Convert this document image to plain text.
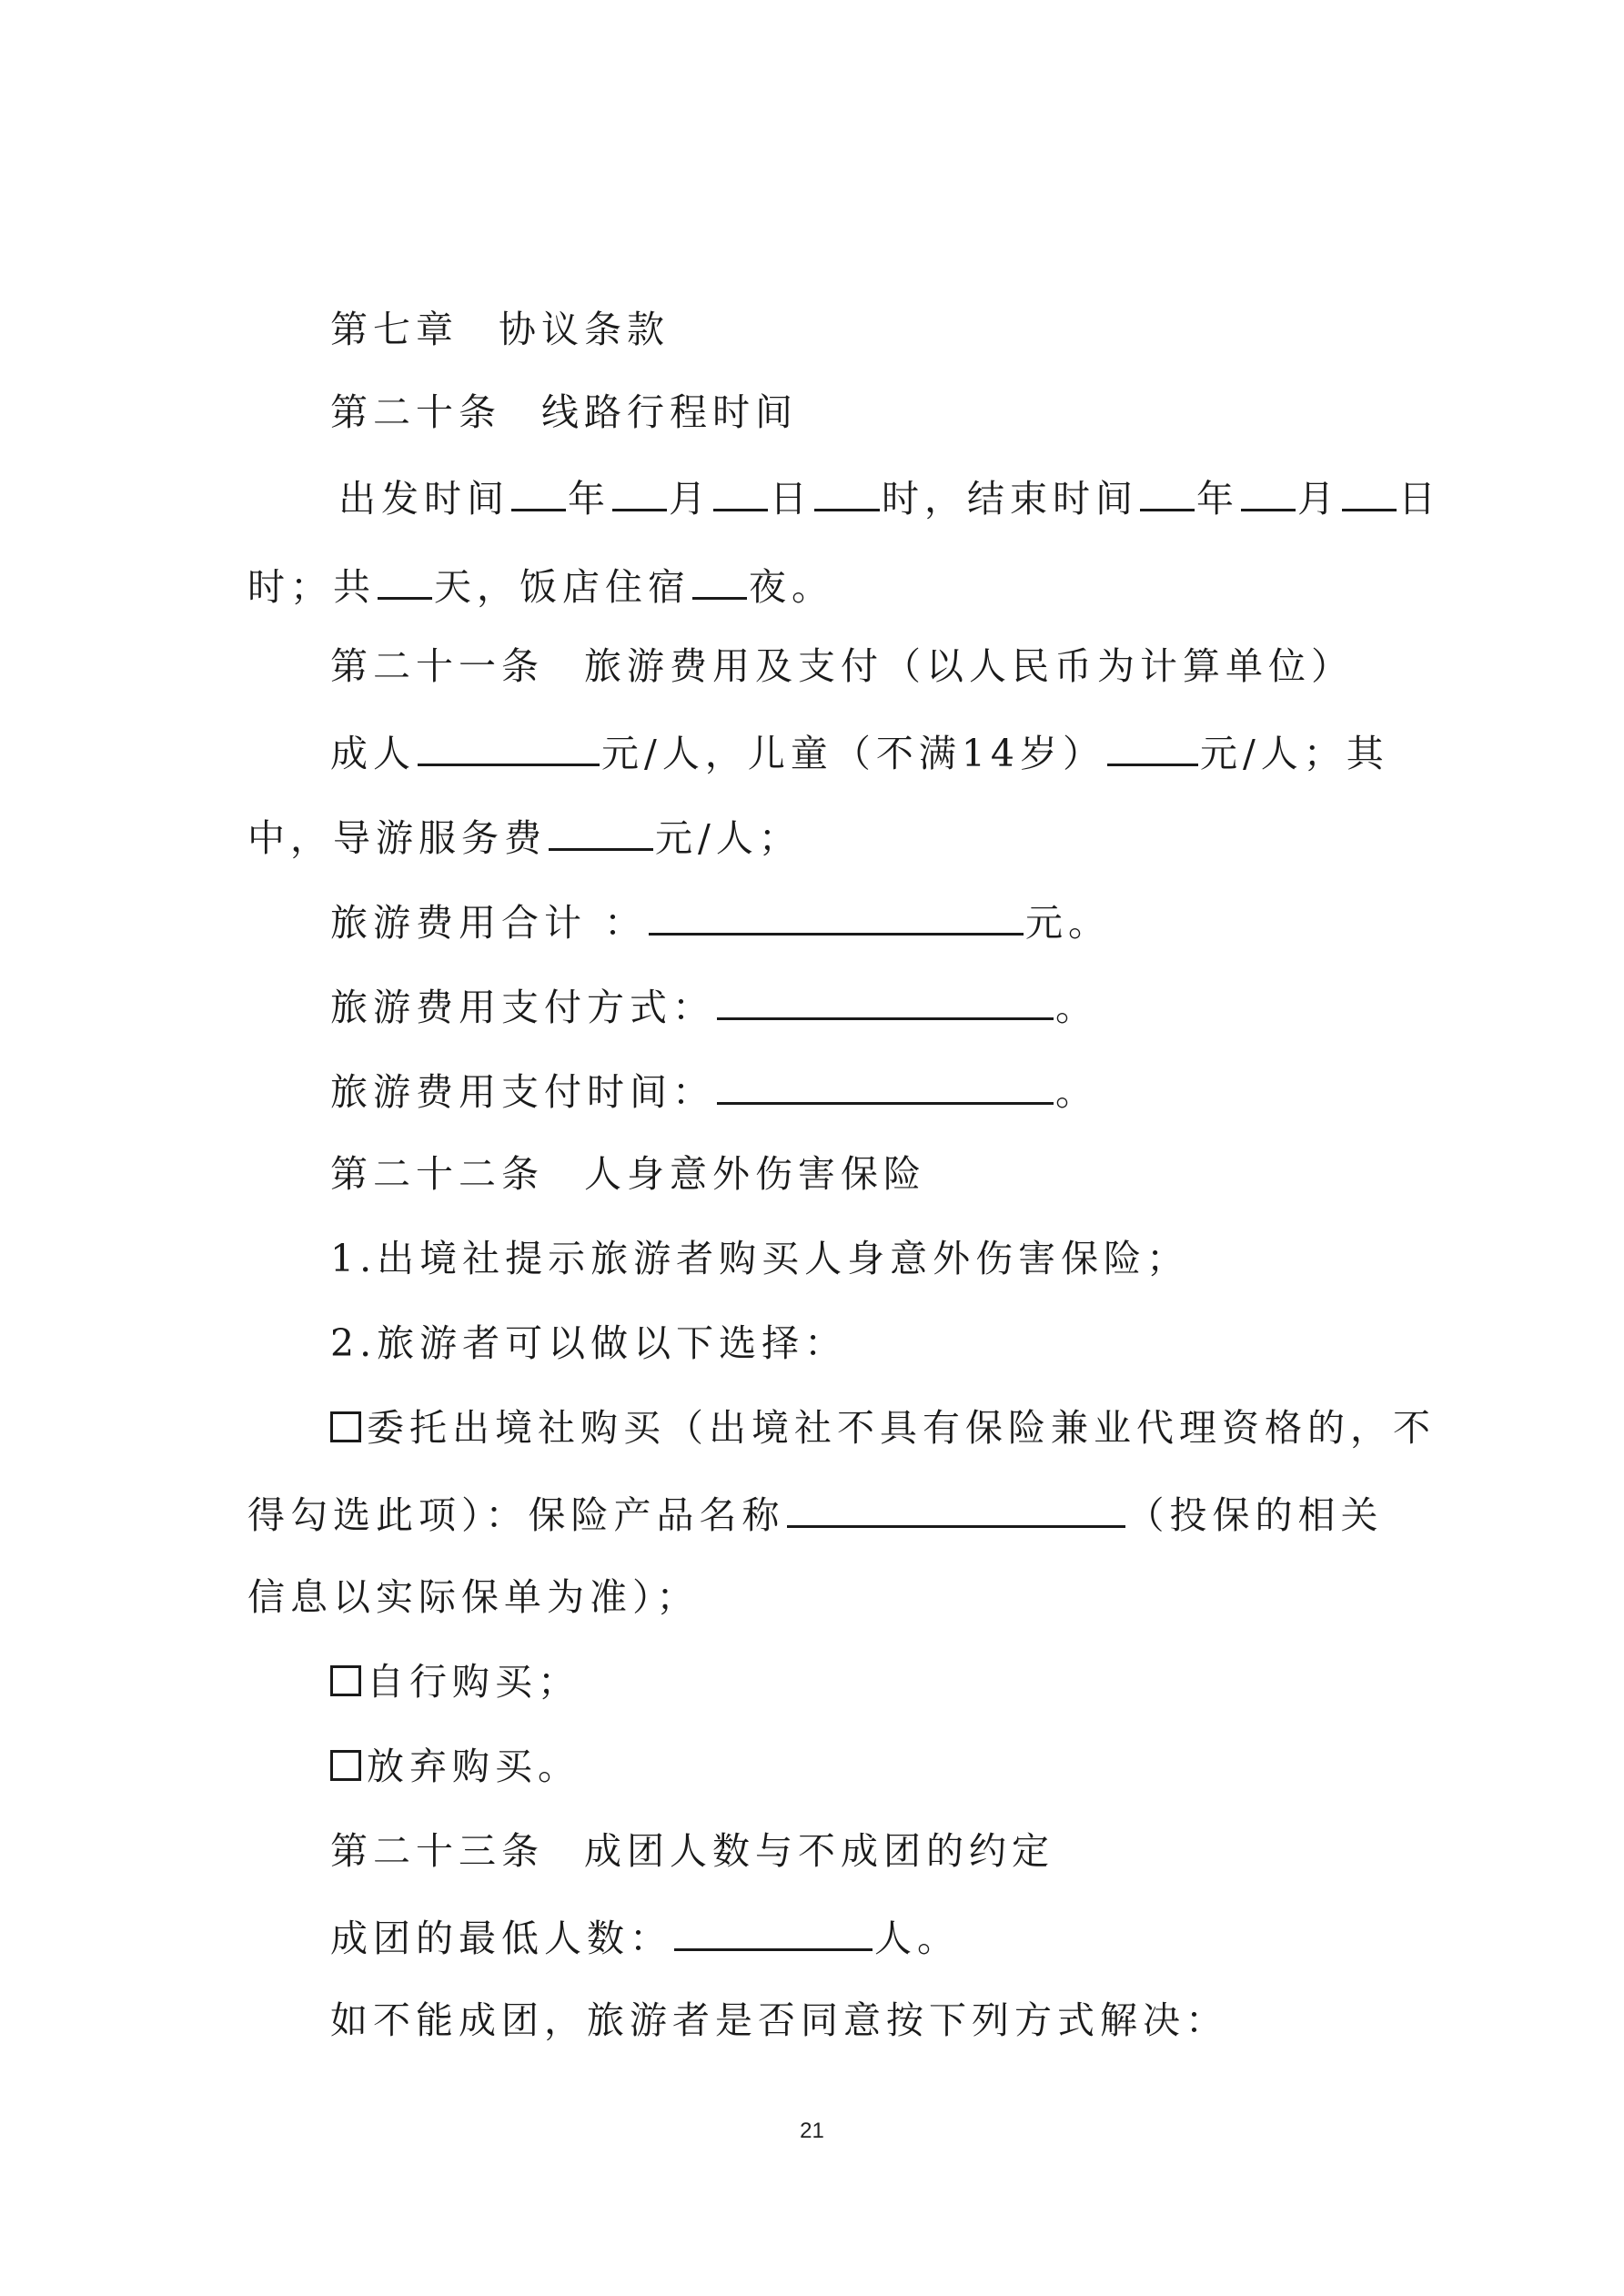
第七章 协议条款
第二十条 线路行程时间
出发时间 年 月 日 时，结束时间 年 月 日
时；共 天，饭店住宿 夜。
第二十一条 旅游费用及支付（以人民币为计算单位）
成人	元/人，儿童（不满14岁）	元/人；其
中，导游服务费	元/人；
旅游费用合计 ：	元。
旅游费用支付方式：	。
旅游费用支付时间：	。
第二十二条 人身意外伤害保险
1.出境社提示旅游者购买人身意外伤害保险；
2.旅游者可以做以下选择：
委托出境社购买（出境社不具有保险兼业代理资格的，不
得勾选此项）：保险产品名称	（投保的相关
信息以实际保单为准）；
自行购买；
放弃购买。
第二十三条 成团人数与不成团的约定
成团的最低人数：	人。
如不能成团，旅游者是否同意按下列方式解决：
21
